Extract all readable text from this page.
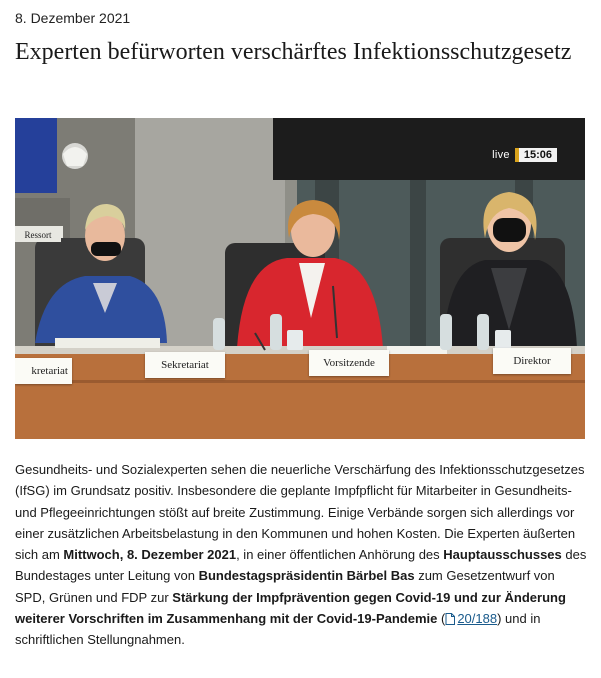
8. Dezember 2021
Experten befürworten verschärftes Infektionsschutzgesetz
live	15:06
kretariat	Sekretariat	Vorsitzende	Direktor
Ressort

Gesundheits- und Sozialexperten sehen die neuerliche Verschärfung des Infektionsschutzgesetzes (IfSG) im Grundsatz positiv. Insbesondere die geplante Impfpflicht für Mitarbeiter in Gesundheits- und Pflegeeinrichtungen stößt auf breite Zustimmung. Einige Verbände sorgen sich allerdings vor einer zusätzlichen Arbeitsbelastung in den Kommunen und hohen Kosten. Die Experten äußerten sich am Mittwoch, 8. Dezember 2021, in einer öffentlichen Anhörung des Hauptausschusses des Bundestages unter Leitung von Bundestagspräsidentin Bärbel Bas zum Gesetzentwurf von SPD, Grünen und FDP zur Stärkung der Impfprävention gegen Covid-19 und zur Änderung weiterer Vorschriften im Zusammenhang mit der Covid-19-Pandemie ( 20/188) und in schriftlichen Stellungnahmen.
